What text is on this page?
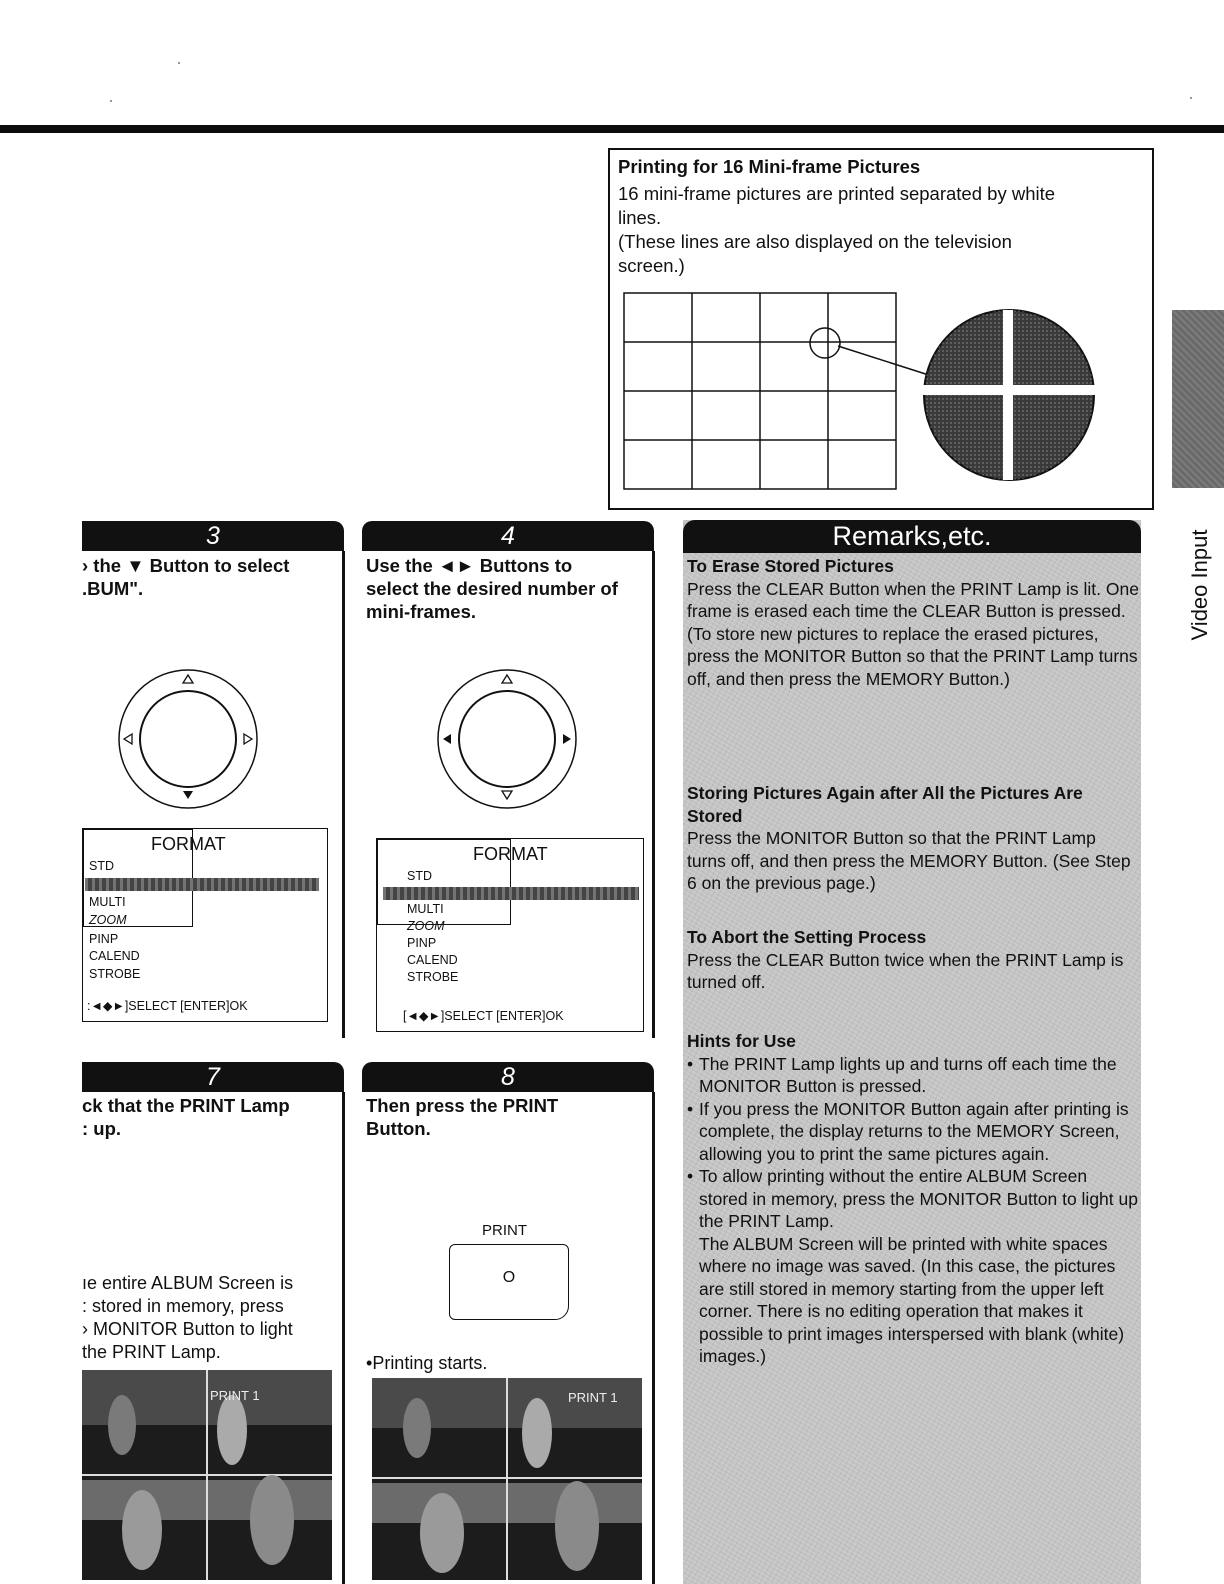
Printing for 16 Mini-frame Pictures
16 mini-frame pictures are printed separated by white
lines.
(These lines are also displayed on the television
screen.)
Video Input
3
› the ▼ Button to select
.BUM".
FORMAT
STD
MULTI
ZOOM
PINP
CALEND
STROBE
:◄◆►]SELECT [ENTER]OK
4
Use the ◄► Buttons to
select the desired number of
mini-frames.
FORMAT
STD
MULTI
ZOOM
PINP
CALEND
STROBE
[◄◆►]SELECT [ENTER]OK
7
ck that the PRINT Lamp
: up.
ıe entire ALBUM Screen is
: stored in memory, press
› MONITOR Button to light
the PRINT Lamp.
PRINT 1
8
Then press the PRINT
Button.
PRINT
O
•Printing starts.
PRINT 1
To Erase Stored Pictures
Press the CLEAR Button when the PRINT Lamp is lit. One frame is erased each time the CLEAR Button is pressed.
(To store new pictures to replace the erased pictures, press the MONITOR Button so that the PRINT Lamp turns off, and then press the MEMORY Button.)
Storing Pictures Again after All the Pictures Are Stored
Press the MONITOR Button so that the PRINT Lamp turns off, and then press the MEMORY Button. (See Step 6 on the previous page.)
To Abort the Setting Process
Press the CLEAR Button twice when the PRINT Lamp is turned off.
Hints for Use
• The PRINT Lamp lights up and turns off each time the MONITOR Button is pressed.
• If you press the MONITOR Button again after printing is complete, the display returns to the MEMORY Screen, allowing you to print the same pictures again.
• To allow printing without the entire ALBUM Screen stored in memory, press the MONITOR Button to light up the PRINT Lamp.
The ALBUM Screen will be printed with white spaces where no image was saved. (In this case, the pictures are still stored in memory starting from the upper left corner. There is no editing operation that makes it possible to print images interspersed with blank (white) images.)
Remarks,etc.
